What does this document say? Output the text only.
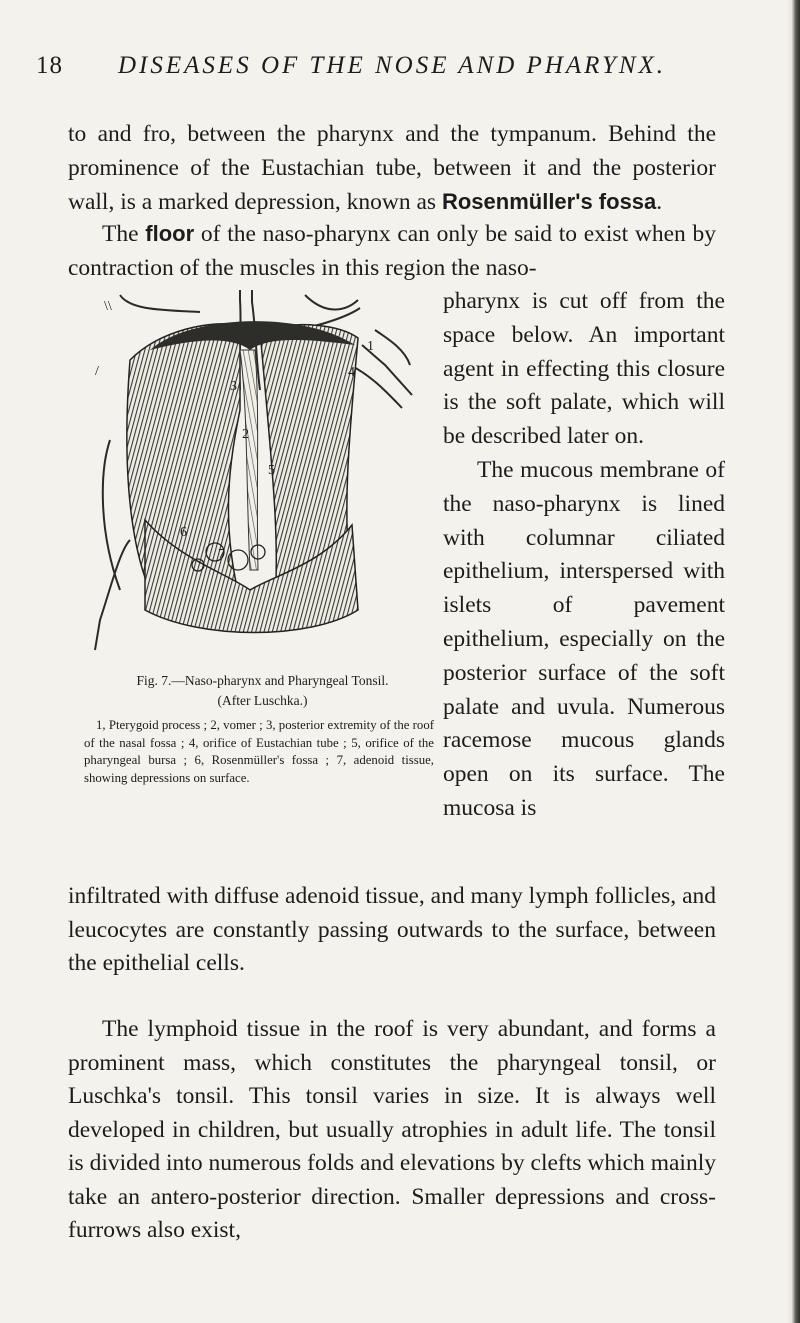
18 DISEASES OF THE NOSE AND PHARYNX.

to and fro, between the pharynx and the tympanum. Behind the prominence of the Eustachian tube, between it and the posterior wall, is a marked depression, known as Rosenmüller's fossa.

The floor of the naso-pharynx can only be said to exist when by contraction of the muscles in this region the naso-

\\
/
1
2
3
4
5
6
7
Fig. 7.—Naso-pharynx and Pharyngeal Tonsil.
(After Luschka.)

1, Pterygoid process ; 2, vomer ; 3, posterior extremity of the roof of the nasal fossa ; 4, orifice of Eustachian tube ; 5, orifice of the pharyngeal bursa ; 6, Rosenmüller's fossa ; 7, adenoid tissue, showing depressions on surface.

pharynx is cut off from the space below. An important agent in effecting this closure is the soft palate, which will be described later on.
The mucous membrane of the naso-pharynx is lined with columnar ciliated epithelium, interspersed with islets of pavement epithelium, especially on the posterior surface of the soft palate and uvula. Numerous racemose mucous glands open on its surface. The mucosa is

infiltrated with diffuse adenoid tissue, and many lymph follicles, and leucocytes are constantly passing outwards to the surface, between the epithelial cells.

The lymphoid tissue in the roof is very abundant, and forms a prominent mass, which constitutes the pharyngeal tonsil, or Luschka's tonsil. This tonsil varies in size. It is always well developed in children, but usually atrophies in adult life. The tonsil is divided into numerous folds and elevations by clefts which mainly take an antero-posterior direction. Smaller depressions and cross-furrows also exist,
